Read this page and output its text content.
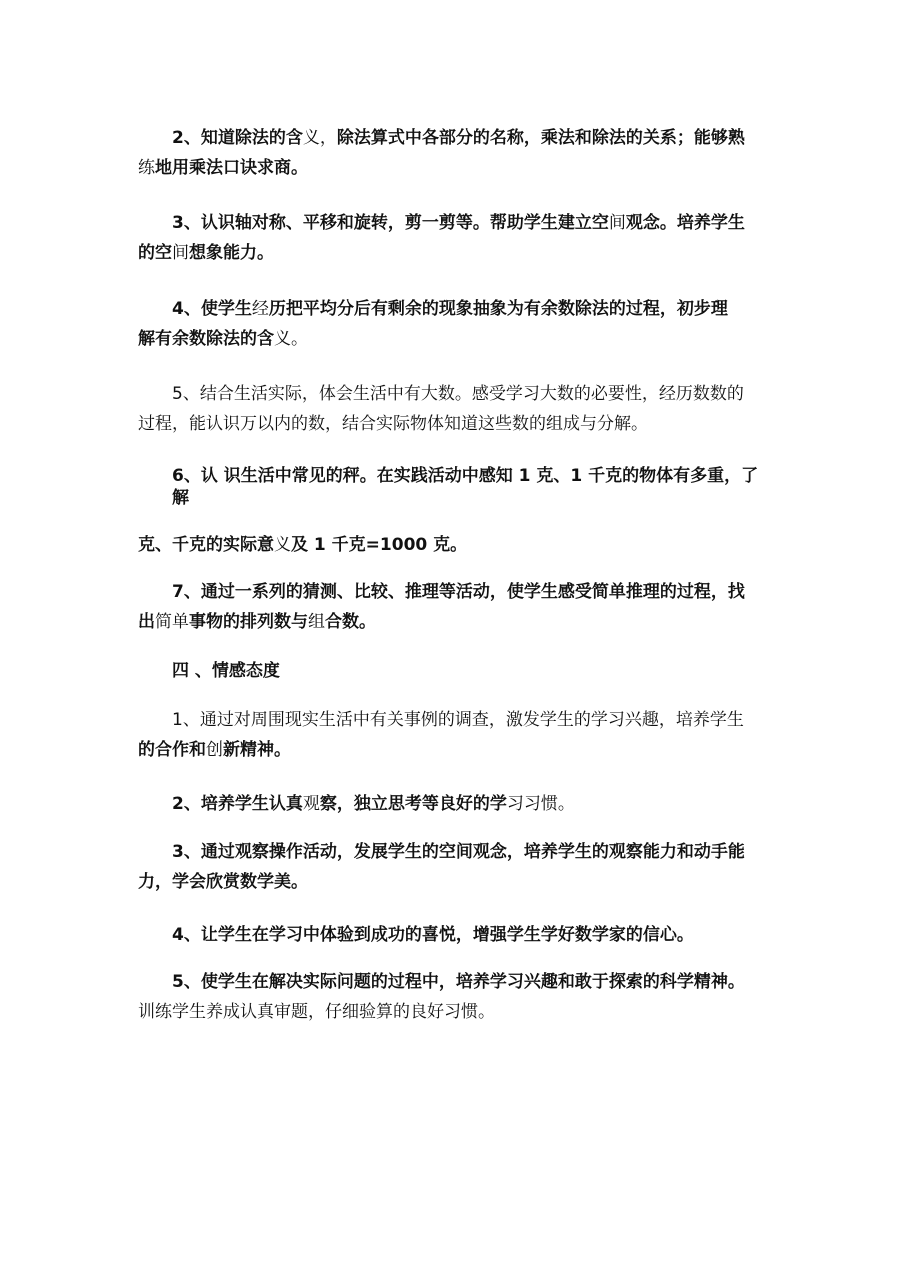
2、知道除法的含义，除法算式中各部分的名称，乘法和除法的关系；能够熟
练地用乘法口诀求商。
3、认识轴对称、平移和旋转，剪一剪等。帮助学生建立空间观念。培养学生
的空间想象能力。
4、使学生经历把平均分后有剩余的现象抽象为有余数除法的过程，初步理
解有余数除法的含义。
5、结合生活实际，体会生活中有大数。感受学习大数的必要性，经历数数的
过程，能认识万以内的数，结合实际物体知道这些数的组成与分解。
6、认 识生活中常见的秤。在实践活动中感知 1 克、1 千克的物体有多重，了
解
克、千克的实际意义及 1 千克=1000 克。
7、通过一系列的猜测、比较、推理等活动，使学生感受简单推理的过程，找
出简单事物的排列数与组合数。
四 、情感态度
1、通过对周围现实生活中有关事例的调查，激发学生的学习兴趣，培养学生
的合作和创新精神。
2、培养学生认真观察，独立思考等良好的学习习惯。
3、通过观察操作活动，发展学生的空间观念，培养学生的观察能力和动手能
力，学会欣赏数学美。
4、让学生在学习中体验到成功的喜悦，增强学生学好数学家的信心。
5、使学生在解决实际问题的过程中，培养学习兴趣和敢于探索的科学精神。
训练学生养成认真审题，仔细验算的良好习惯。
